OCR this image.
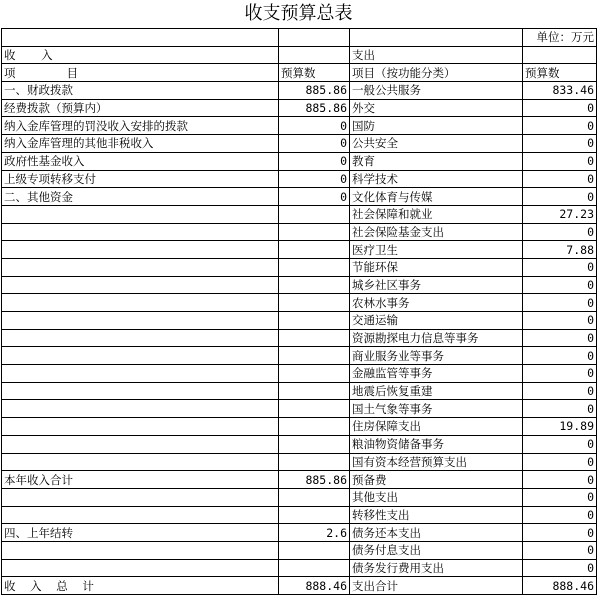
收支预算总表
			单位：万元
收       入		支出	
项              目	预算数	项目（按功能分类）	预算数
一、财政拨款	885.86	一般公共服务	833.46
经费拨款（预算内）	885.86	外交	0
纳入金库管理的罚没收入安排的拨款	0	国防	0
纳入金库管理的其他非税收入	0	公共安全	0
政府性基金收入	0	教育	0
上级专项转移支付	0	科学技术	0
二、其他资金	0	文化体育与传媒	0
		社会保障和就业	27.23
		社会保险基金支出	0
		医疗卫生	7.88
		节能环保	0
		城乡社区事务	0
		农林水事务	0
		交通运输	0
		资源勘探电力信息等事务	0
		商业服务业等事务	0
		金融监管等事务	0
		地震后恢复重建	0
		国土气象等事务	0
		住房保障支出	19.89
		粮油物资储备事务	0
		国有资本经营预算支出	0
本年收入合计	885.86	预备费	0
		其他支出	0
		转移性支出	0
四、上年结转	2.6	债务还本支出	0
		债务付息支出	0
		债务发行费用支出	0
收    入    总    计	888.46	支出合计	888.46
